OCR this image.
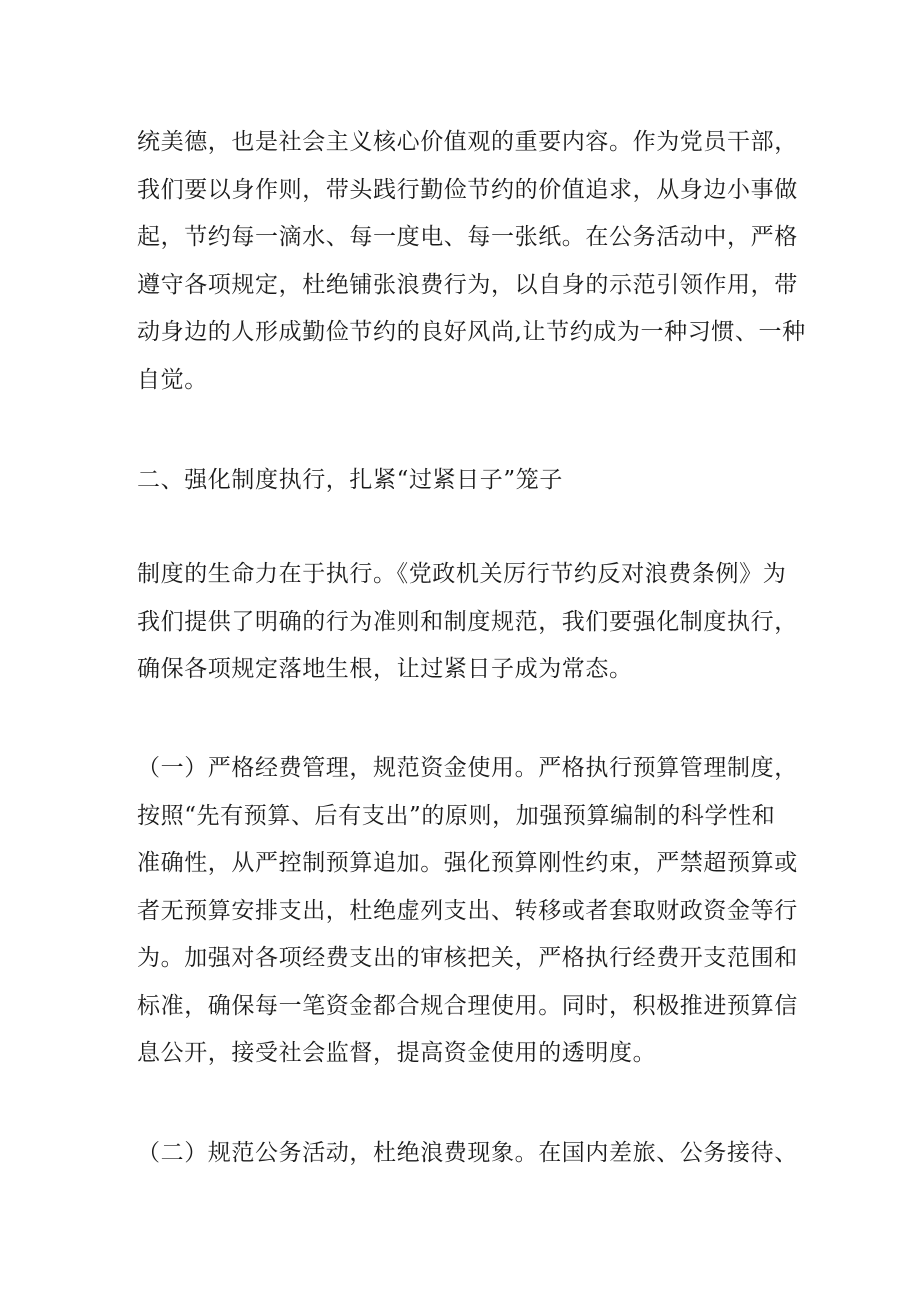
统美德，也是社会主义核心价值观的重要内容。作为党员干部，
我们要以身作则，带头践行勤俭节约的价值追求，从身边小事做
起，节约每一滴水、每一度电、每一张纸。在公务活动中，严格
遵守各项规定，杜绝铺张浪费行为，以自身的示范引领作用，带
动身边的人形成勤俭节约的良好风尚,让节约成为一种习惯、一种
自觉。

二、强化制度执行，扎紧“过紧日子”笼子

制度的生命力在于执行。《党政机关厉行节约反对浪费条例》为
我们提供了明确的行为准则和制度规范，我们要强化制度执行，
确保各项规定落地生根，让过紧日子成为常态。

（一）严格经费管理，规范资金使用。严格执行预算管理制度，
按照“先有预算、后有支出”的原则，加强预算编制的科学性和
准确性，从严控制预算追加。强化预算刚性约束，严禁超预算或
者无预算安排支出，杜绝虚列支出、转移或者套取财政资金等行
为。加强对各项经费支出的审核把关，严格执行经费开支范围和
标准，确保每一笔资金都合规合理使用。同时，积极推进预算信
息公开，接受社会监督，提高资金使用的透明度。

（二）规范公务活动，杜绝浪费现象。在国内差旅、公务接待、
